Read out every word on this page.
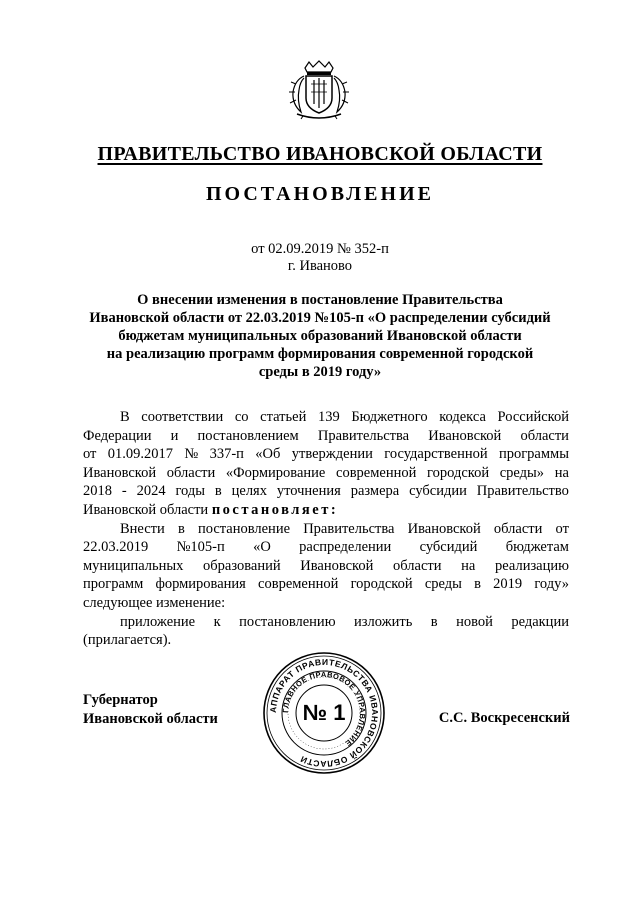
ПРАВИТЕЛЬСТВО ИВАНОВСКОЙ ОБЛАСТИ
ПОСТАНОВЛЕНИЕ
от 02.09.2019 № 352-п
г. Иваново
О внесении изменения в постановление Правительства
Ивановской области от 22.03.2019 №105-п «О распределении субсидий
бюджетам муниципальных образований Ивановской области
на реализацию программ формирования современной городской
среды в 2019 году»
В соответствии со статьей 139 Бюджетного кодекса Российской
Федерации и постановлением Правительства Ивановской области
от 01.09.2017 № 337-п «Об утверждении государственной программы
Ивановской области «Формирование современной городской среды» на
2018 - 2024 годы в целях уточнения размера субсидии Правительство
Ивановской области постановляет:
Внести в постановление Правительства Ивановской области от
22.03.2019 №105-п «О распределении субсидий бюджетам
муниципальных образований Ивановской области на реализацию
программ формирования современной городской среды в 2019 году»
следующее изменение:
приложение к постановлению изложить в новой редакции
(прилагается).
Губернатор
Ивановской области	С.С. Воскресенский
АППАРАТ ПРАВИТЕЛЬСТВА ИВАНОВСКОЙ ОБЛАСТИ
ГЛАВНОЕ ПРАВОВОЕ УПРАВЛЕНИЕ
№ 1
